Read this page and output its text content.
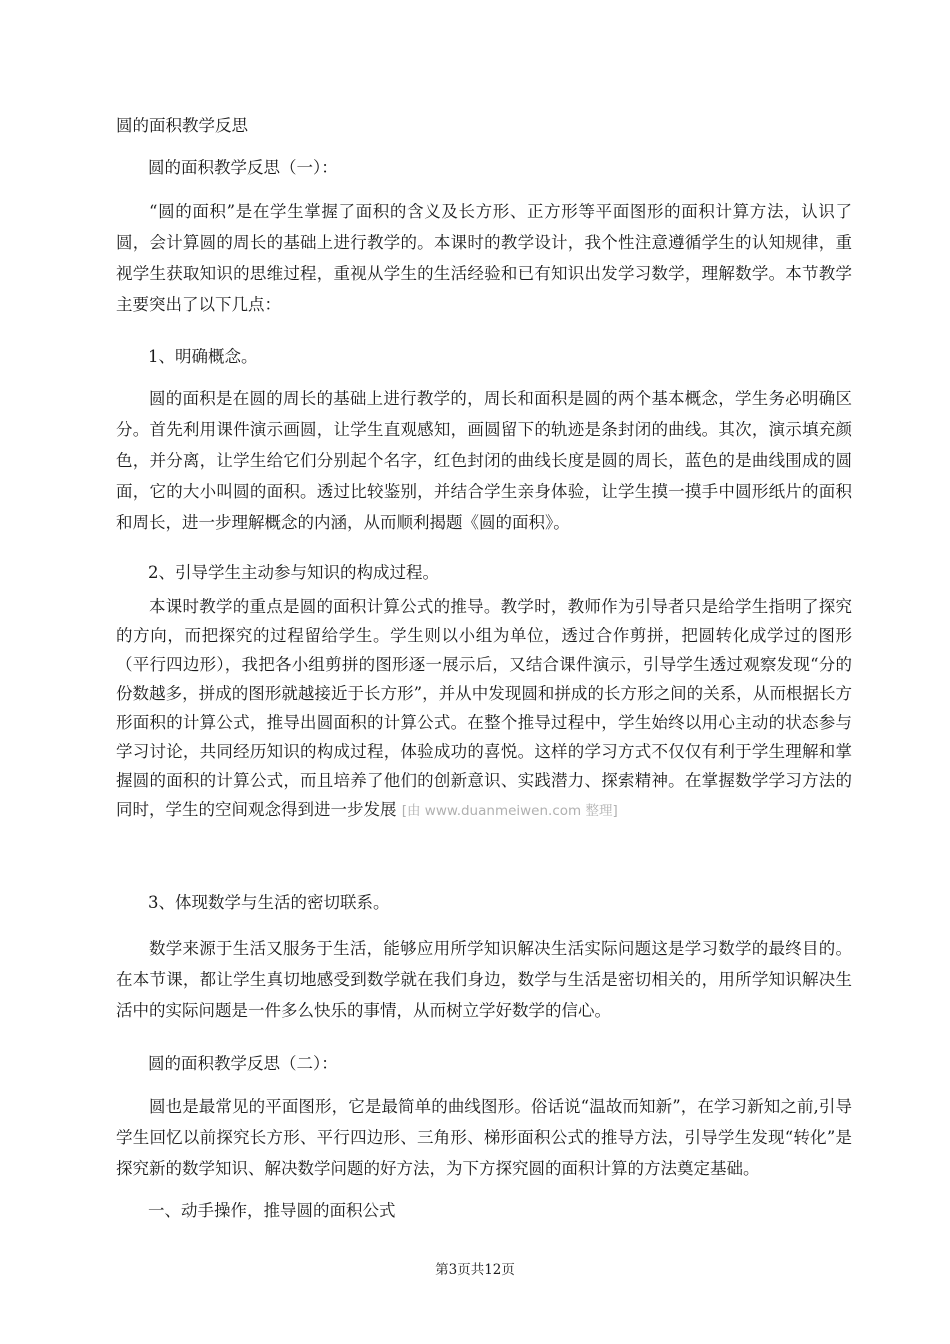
圆的面积教学反思
圆的面积教学反思（一）：
“圆的面积”是在学生掌握了面积的含义及长方形、正方形等平面图形的面积计算方法，认识了圆，会计算圆的周长的基础上进行教学的。本课时的教学设计，我个性注意遵循学生的认知规律，重视学生获取知识的思维过程，重视从学生的生活经验和已有知识出发学习数学，理解数学。本节教学主要突出了以下几点：
1、明确概念。
圆的面积是在圆的周长的基础上进行教学的，周长和面积是圆的两个基本概念，学生务必明确区分。首先利用课件演示画圆，让学生直观感知，画圆留下的轨迹是条封闭的曲线。其次，演示填充颜色，并分离，让学生给它们分别起个名字，红色封闭的曲线长度是圆的周长，蓝色的是曲线围成的圆面，它的大小叫圆的面积。透过比较鉴别，并结合学生亲身体验，让学生摸一摸手中圆形纸片的面积和周长，进一步理解概念的内涵，从而顺利揭题《圆的面积》。
2、引导学生主动参与知识的构成过程。
本课时教学的重点是圆的面积计算公式的推导。教学时，教师作为引导者只是给学生指明了探究的方向，而把探究的过程留给学生。学生则以小组为单位，透过合作剪拼，把圆转化成学过的图形（平行四边形），我把各小组剪拼的图形逐一展示后，又结合课件演示，引导学生透过观察发现“分的份数越多，拼成的图形就越接近于长方形”，并从中发现圆和拼成的长方形之间的关系，从而根据长方形面积的计算公式，推导出圆面积的计算公式。在整个推导过程中，学生始终以用心主动的状态参与学习讨论，共同经历知识的构成过程，体验成功的喜悦。这样的学习方式不仅仅有利于学生理解和掌握圆的面积的计算公式，而且培养了他们的创新意识、实践潜力、探索精神。在掌握数学学习方法的同时，学生的空间观念得到进一步发展 [由 www.duanmeiwen.com 整理]
3、体现数学与生活的密切联系。
数学来源于生活又服务于生活，能够应用所学知识解决生活实际问题这是学习数学的最终目的。在本节课，都让学生真切地感受到数学就在我们身边，数学与生活是密切相关的，用所学知识解决生活中的实际问题是一件多么快乐的事情，从而树立学好数学的信心。
圆的面积教学反思（二）：
圆也是最常见的平面图形，它是最简单的曲线图形。俗话说“温故而知新”，在学习新知之前,引导学生回忆以前探究长方形、平行四边形、三角形、梯形面积公式的推导方法，引导学生发现“转化”是探究新的数学知识、解决数学问题的好方法，为下方探究圆的面积计算的方法奠定基础。
一、动手操作，推导圆的面积公式
第3页共12页
